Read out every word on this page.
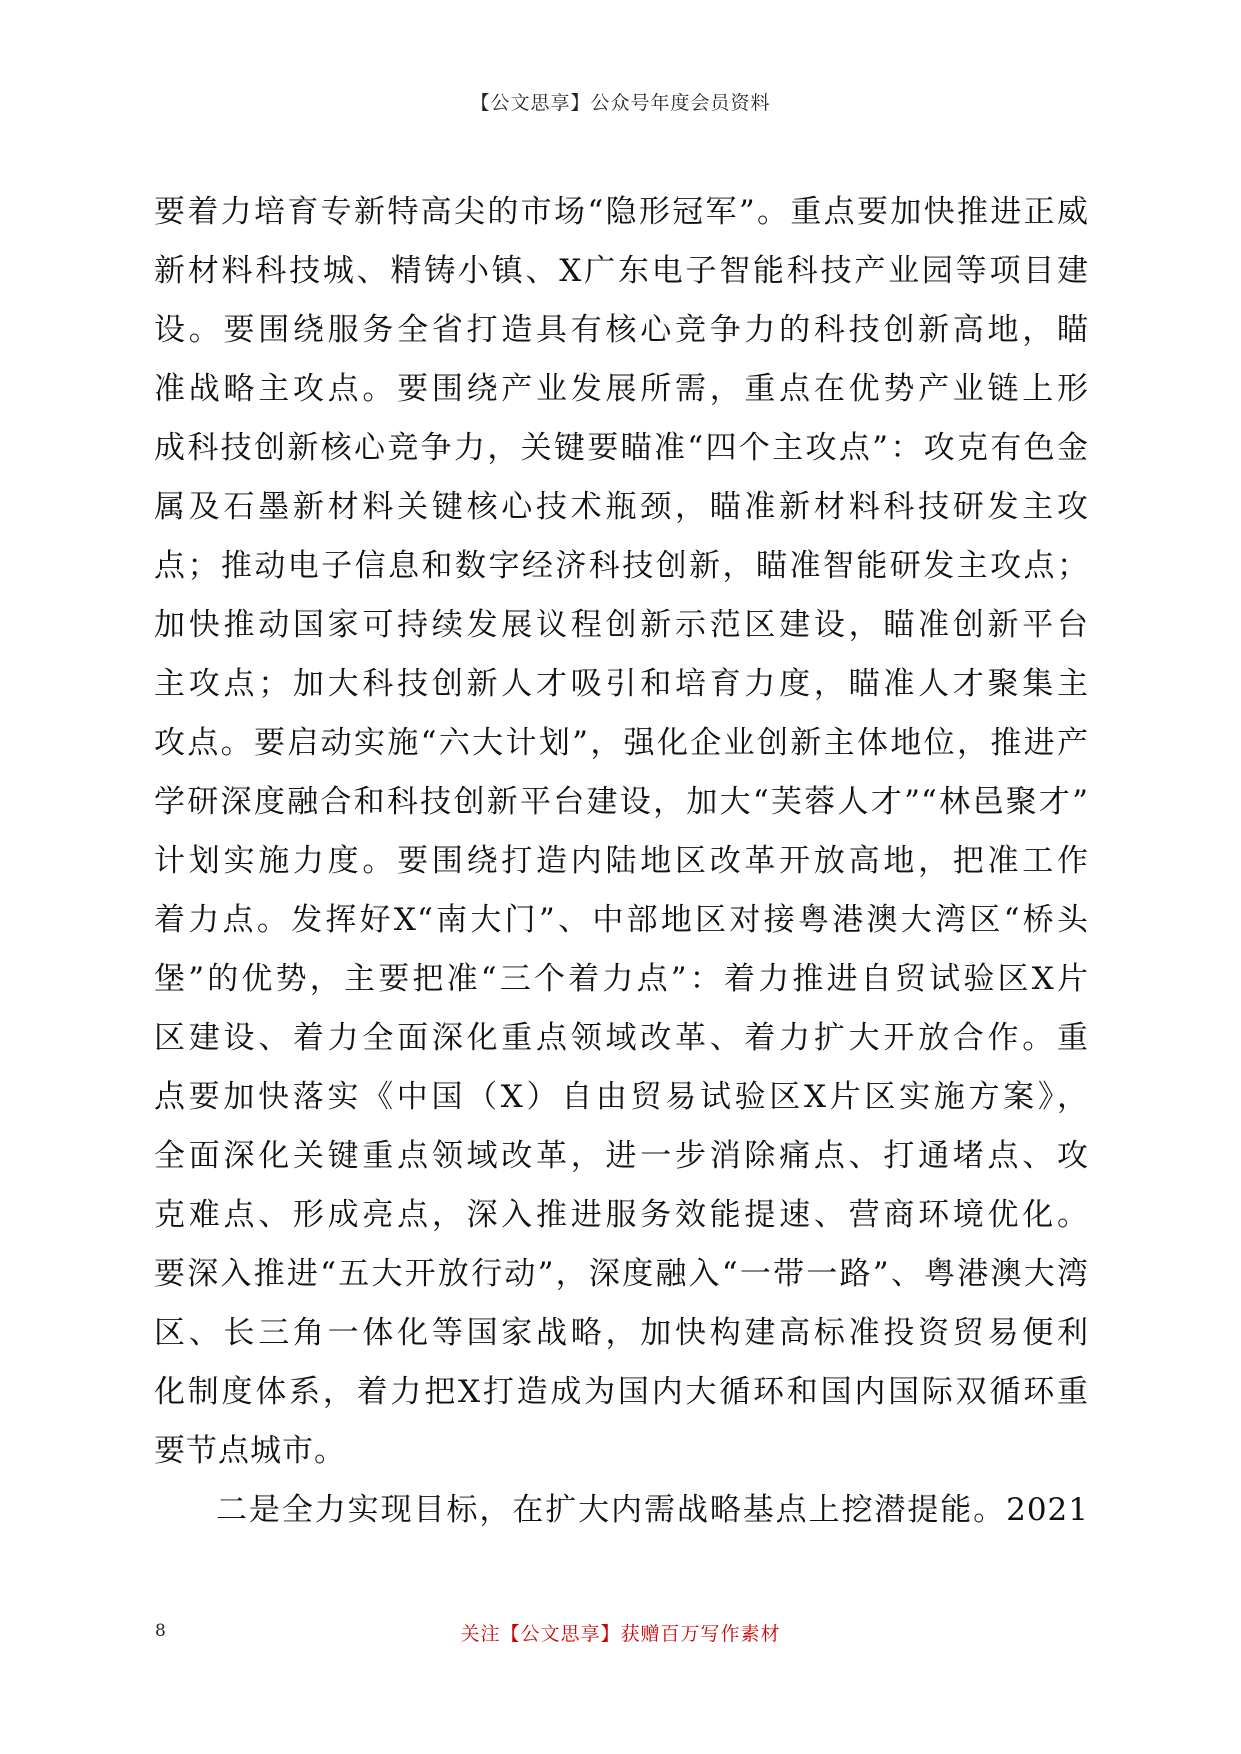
【公文思享】公众号年度会员资料
要着力培育专新特高尖的市场“隐形冠军”。重点要加快推进正威
新材料科技城、精铸小镇、X广东电子智能科技产业园等项目建
设。要围绕服务全省打造具有核心竞争力的科技创新高地，瞄
准战略主攻点。要围绕产业发展所需，重点在优势产业链上形
成科技创新核心竞争力，关键要瞄准“四个主攻点”：攻克有色金
属及石墨新材料关键核心技术瓶颈，瞄准新材料科技研发主攻
点；推动电子信息和数字经济科技创新，瞄准智能研发主攻点；
加快推动国家可持续发展议程创新示范区建设，瞄准创新平台
主攻点；加大科技创新人才吸引和培育力度，瞄准人才聚集主
攻点。要启动实施“六大计划”，强化企业创新主体地位，推进产
学研深度融合和科技创新平台建设，加大“芙蓉人才”“林邑聚才”
计划实施力度。要围绕打造内陆地区改革开放高地，把准工作
着力点。发挥好X“南大门”、中部地区对接粤港澳大湾区“桥头
堡”的优势，主要把准“三个着力点”：着力推进自贸试验区X片
区建设、着力全面深化重点领域改革、着力扩大开放合作。重
点要加快落实《中国（X）自由贸易试验区X片区实施方案》，
全面深化关键重点领域改革，进一步消除痛点、打通堵点、攻
克难点、形成亮点，深入推进服务效能提速、营商环境优化。
要深入推进“五大开放行动”，深度融入“一带一路”、粤港澳大湾
区、长三角一体化等国家战略，加快构建高标准投资贸易便利
化制度体系，着力把X打造成为国内大循环和国内国际双循环重
要节点城市。
二是全力实现目标，在扩大内需战略基点上挖潜提能。2021
8	关注【公文思享】获赠百万写作素材
